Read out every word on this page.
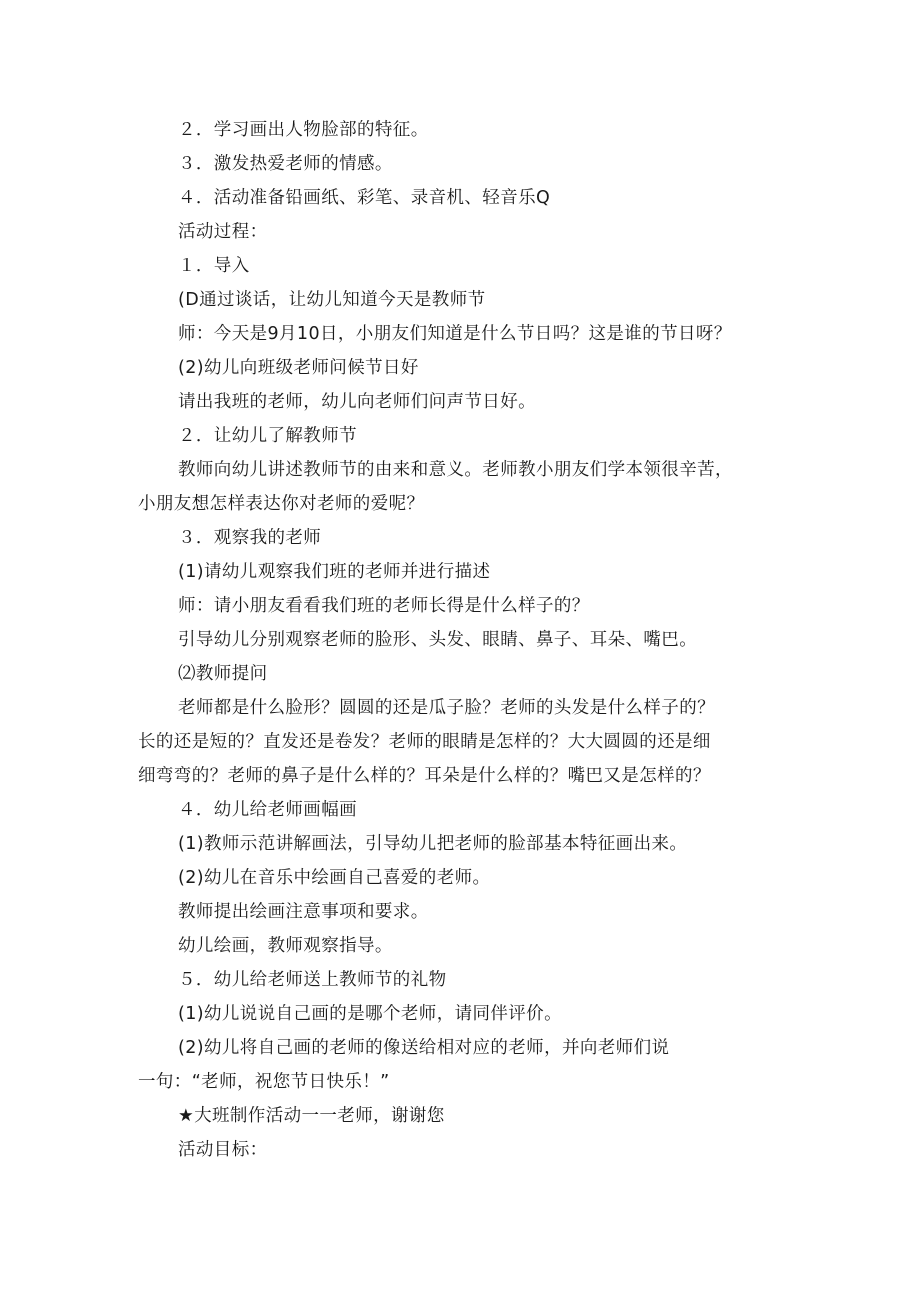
２．学习画出人物脸部的特征。
３．激发热爱老师的情感。
４．活动准备铅画纸、彩笔、录音机、轻音乐Q
活动过程：
１．导入
(D通过谈话，让幼儿知道今天是教师节
师：今天是9月10日，小朋友们知道是什么节日吗？这是谁的节日呀？
(2)幼儿向班级老师问候节日好
请出我班的老师，幼儿向老师们问声节日好。
２．让幼儿了解教师节
教师向幼儿讲述教师节的由来和意义。老师教小朋友们学本领很辛苦，
小朋友想怎样表达你对老师的爱呢？
３．观察我的老师
(1)请幼儿观察我们班的老师并进行描述
师：请小朋友看看我们班的老师长得是什么样子的？
引导幼儿分别观察老师的脸形、头发、眼睛、鼻子、耳朵、嘴巴。
⑵教师提问
老师都是什么脸形？圆圆的还是瓜子脸？老师的头发是什么样子的？
长的还是短的？直发还是卷发？老师的眼睛是怎样的？大大圆圆的还是细
细弯弯的？老师的鼻子是什么样的？耳朵是什么样的？嘴巴又是怎样的？
４．幼儿给老师画幅画
(1)教师示范讲解画法，引导幼儿把老师的脸部基本特征画出来。
(2)幼儿在音乐中绘画自己喜爱的老师。
教师提出绘画注意事项和要求。
幼儿绘画，教师观察指导。
５．幼儿给老师送上教师节的礼物
(1)幼儿说说自己画的是哪个老师，请同伴评价。
(2)幼儿将自己画的老师的像送给相对应的老师，并向老师们说
一句：“老师，祝您节日快乐！”
★大班制作活动一一老师，谢谢您
活动目标：
